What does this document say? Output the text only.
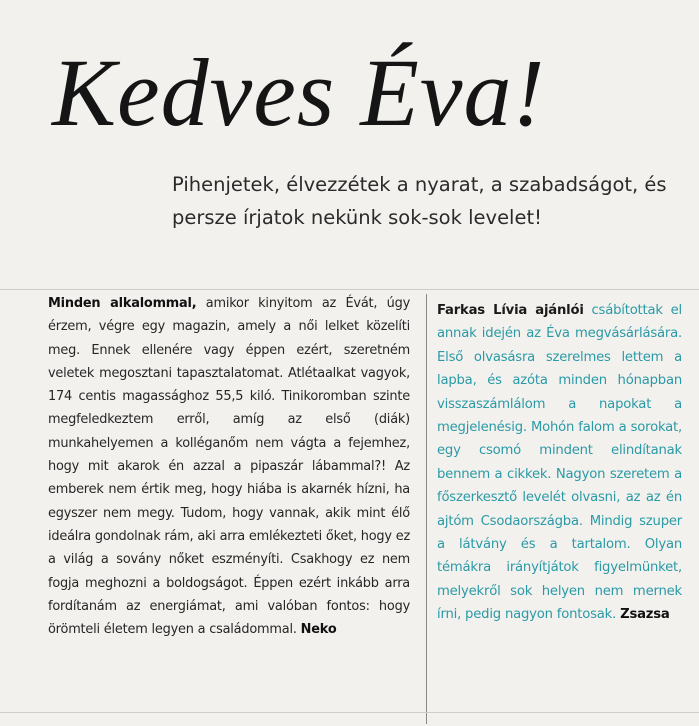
Kedves Éva!

Pihenjetek, élvezzétek a nyarat, a szabadságot, és persze írjatok nekünk sok-sok levelet!

Minden alkalommal, amikor kinyitom az Évát, úgy érzem, végre egy magazin, amely a női lelket közelíti meg. Ennek ellenére vagy éppen ezért, szeretném veletek megosztani tapasztalatomat. Atlétaalkat vagyok, 174 centis magassághoz 55,5 kiló. Tinikoromban szinte megfeledkeztem erről, amíg az első (diák) munkahelyemen a kolléganőm nem vágta a fejemhez, hogy mit akarok én azzal a pipaszár lábammal?! Az emberek nem értik meg, hogy hiába is akarnék hízni, ha egyszer nem megy. Tudom, hogy vannak, akik mint élő ideálra gondolnak rám, aki arra emlékezteti őket, hogy ez a világ a sovány nőket eszményíti. Csakhogy ez nem fogja meghozni a boldogságot. Éppen ezért inkább arra fordítanám az energiámat, ami valóban fontos: hogy örömteli életem legyen a családommal. Neko

Farkas Lívia ajánlói csábítottak el annak idején az Éva megvásárlására. Első olvasásra szerelmes lettem a lapba, és azóta minden hónapban visszaszámlálom a napokat a megjelenésig. Mohón falom a sorokat, egy csomó mindent elindítanak bennem a cikkek. Nagyon szeretem a főszerkesztő levelét olvasni, az az én ajtóm Csodaországba. Mindig szuper a látvány és a tartalom. Olyan témákra irányítjátok figyelmünket, melyekről sok helyen nem mernek írni, pedig nagyon fontosak. Zsazsa
